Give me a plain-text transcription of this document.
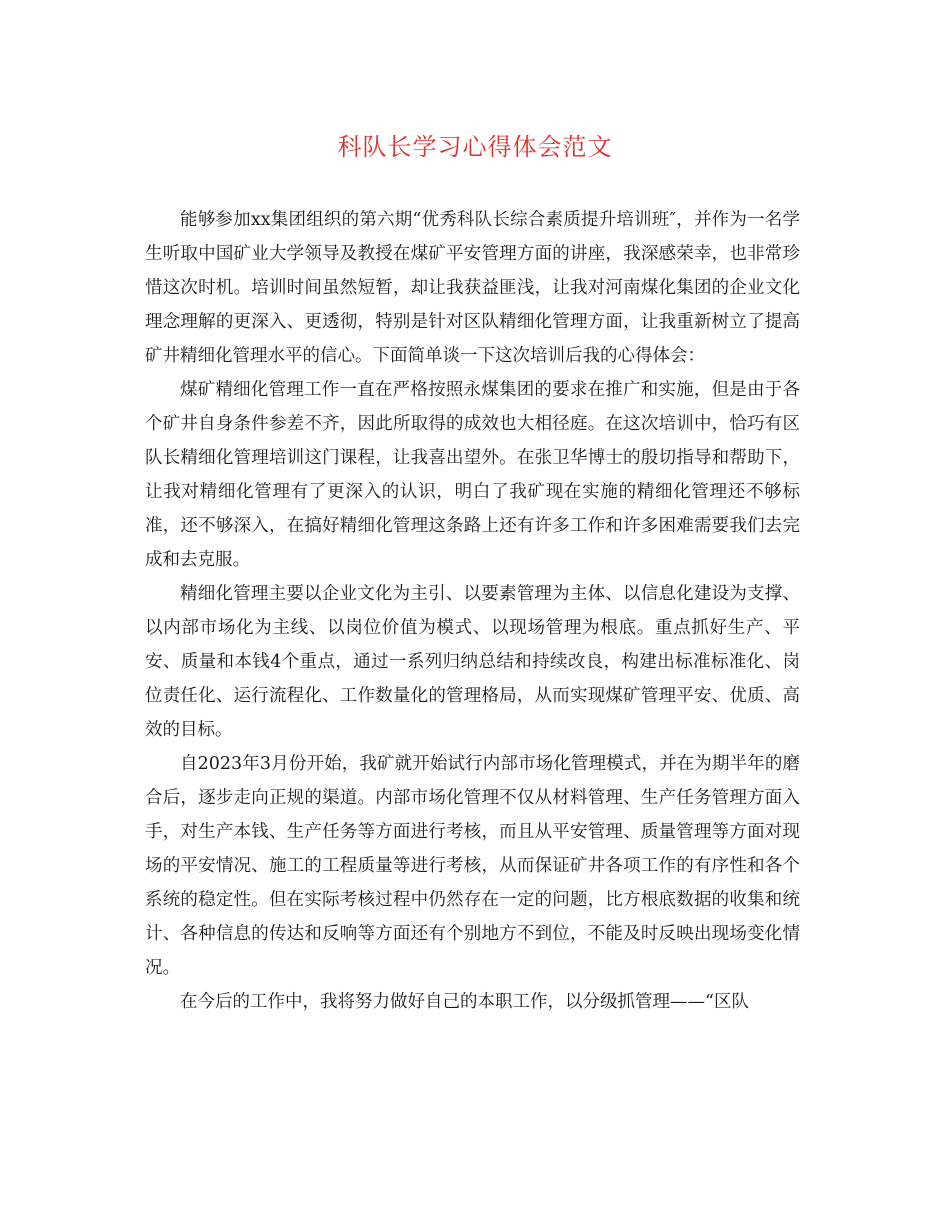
科队长学习心得体会范文

能够参加xx集团组织的第六期“优秀科队长综合素质提升培训班″，并作为一名学生听取中国矿业大学领导及教授在煤矿平安管理方面的讲座，我深感荣幸，也非常珍惜这次时机。培训时间虽然短暂，却让我获益匪浅，让我对河南煤化集团的企业文化理念理解的更深入、更透彻，特别是针对区队精细化管理方面，让我重新树立了提高矿井精细化管理水平的信心。下面简单谈一下这次培训后我的心得体会：

煤矿精细化管理工作一直在严格按照永煤集团的要求在推广和实施，但是由于各个矿井自身条件参差不齐，因此所取得的成效也大相径庭。在这次培训中，恰巧有区队长精细化管理培训这门课程，让我喜出望外。在张卫华博士的殷切指导和帮助下，让我对精细化管理有了更深入的认识，明白了我矿现在实施的精细化管理还不够标准，还不够深入，在搞好精细化管理这条路上还有许多工作和许多困难需要我们去完成和去克服。

精细化管理主要以企业文化为主引、以要素管理为主体、以信息化建设为支撑、以内部市场化为主线、以岗位价值为模式、以现场管理为根底。重点抓好生产、平安、质量和本钱4个重点，通过一系列归纳总结和持续改良，构建出标准标准化、岗位责任化、运行流程化、工作数量化的管理格局，从而实现煤矿管理平安、优质、高效的目标。

自2023年3月份开始，我矿就开始试行内部市场化管理模式，并在为期半年的磨合后，逐步走向正规的渠道。内部市场化管理不仅从材料管理、生产任务管理方面入手，对生产本钱、生产任务等方面进行考核，而且从平安管理、质量管理等方面对现场的平安情况、施工的工程质量等进行考核，从而保证矿井各项工作的有序性和各个系统的稳定性。但在实际考核过程中仍然存在一定的问题，比方根底数据的收集和统计、各种信息的传达和反响等方面还有个别地方不到位，不能及时反映出现场变化情况。

在今后的工作中，我将努力做好自己的本职工作，以分级抓管理——“区队
